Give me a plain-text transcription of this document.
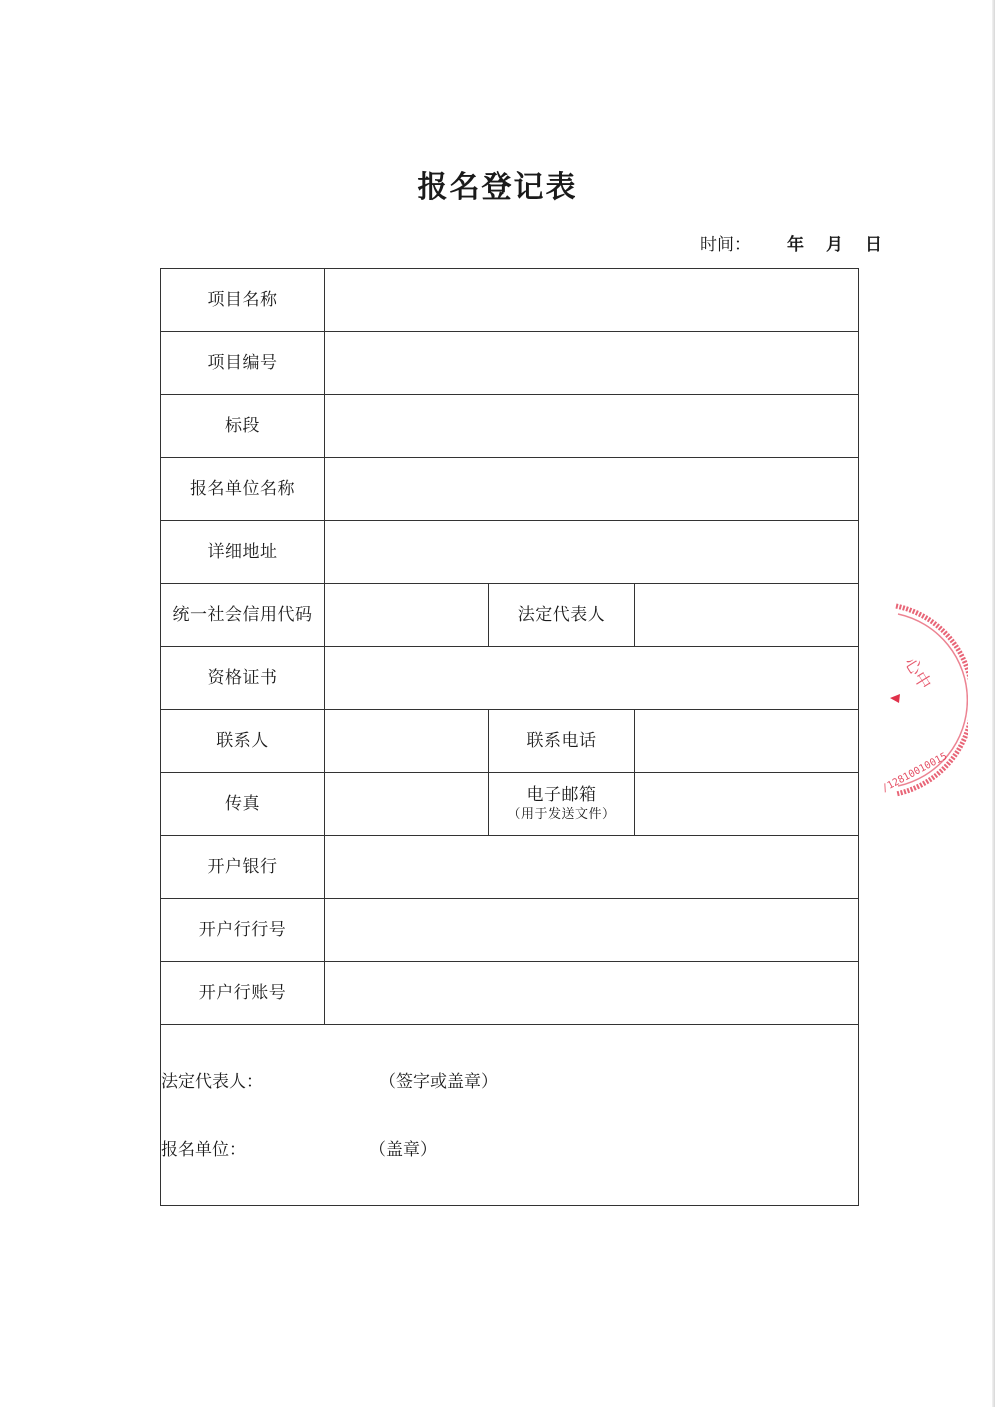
报名登记表
时间： 年 月 日
项目名称			
项目编号			
标段			
报名单位名称			
详细地址			
统一社会信用代码		法定代表人	
资格证书			
联系人		联系电话	
传真		电子邮箱
（用于发送文件）	

开户银行			
开户行行号			
开户行账号			

法定代表人： （签字或盖章）
报名单位： （盖章）			
心中
/12810010015
